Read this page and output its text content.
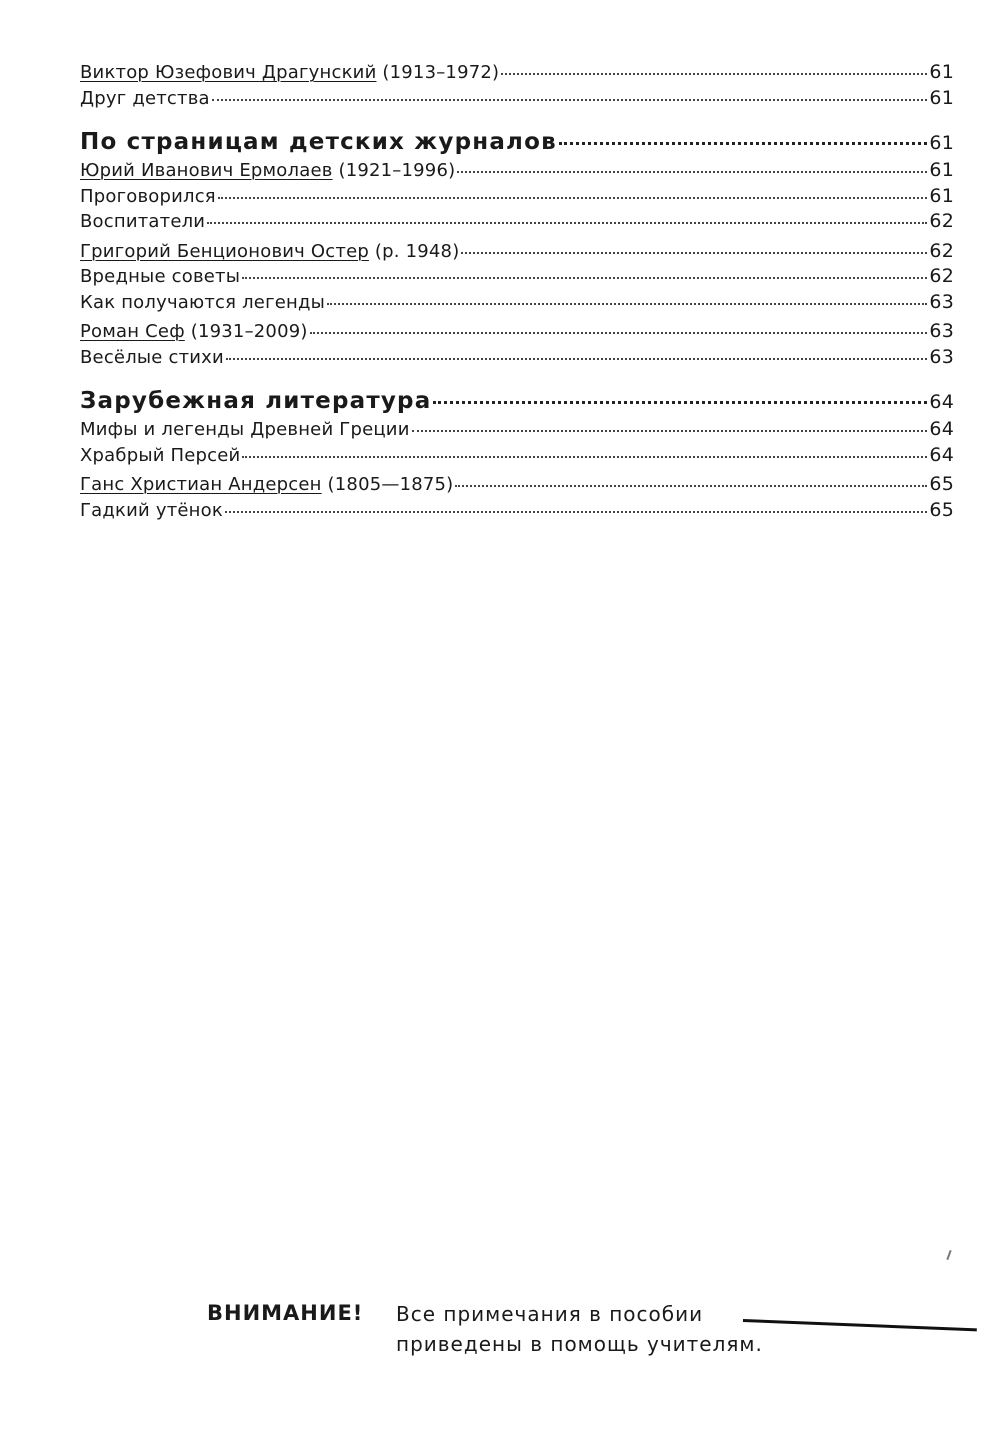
Виктор Юзефович Драгунский (1913–1972)	61
Друг детства	61
По страницам детских журналов	61
Юрий Иванович Ермолаев (1921–1996)	61
Проговорился	61
Воспитатели	62
Григорий Бенционович Остер (р. 1948)	62
Вредные советы	62
Как получаются легенды	63
Роман Сеф (1931–2009)	63
Весёлые стихи	63
Зарубежная литература	64
Мифы и легенды Древней Греции	64
Храбрый Персей	64
Ганс Христиан Андерсен (1805—1875)	65
Гадкий утёнок	65
ВНИМАНИЕ! Все примечания в пособии
приведены в помощь учителям.
